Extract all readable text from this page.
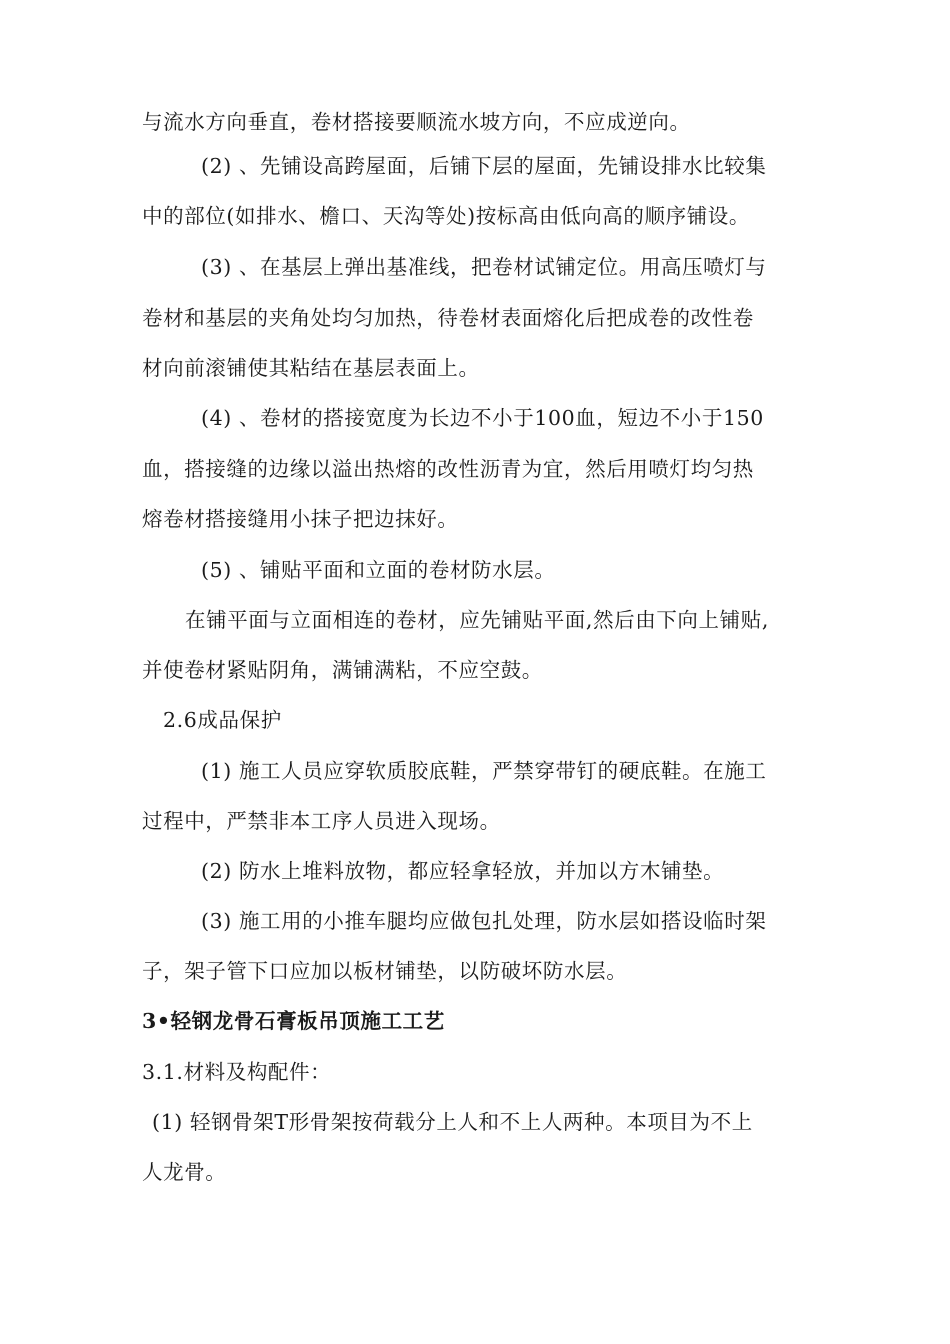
与流水方向垂直，卷材搭接要顺流水坡方向，不应成逆向。
(2) 、先铺设高跨屋面，后铺下层的屋面，先铺设排水比较集
中的部位(如排水、檐口、天沟等处)按标高由低向高的顺序铺设。
(3) 、在基层上弹出基准线，把卷材试铺定位。用高压喷灯与
卷材和基层的夹角处均匀加热，待卷材表面熔化后把成卷的改性卷
材向前滚铺使其粘结在基层表面上。
(4) 、卷材的搭接宽度为长边不小于100血，短边不小于150
血，搭接缝的边缘以溢出热熔的改性沥青为宜，然后用喷灯均匀热
熔卷材搭接缝用小抹子把边抹好。
(5) 、铺贴平面和立面的卷材防水层。
在铺平面与立面相连的卷材，应先铺贴平面,然后由下向上铺贴,
并使卷材紧贴阴角，满铺满粘，不应空鼓。
2.6成品保护
(1) 施工人员应穿软质胶底鞋，严禁穿带钉的硬底鞋。在施工
过程中，严禁非本工序人员进入现场。
(2) 防水上堆料放物，都应轻拿轻放，并加以方木铺垫。
(3) 施工用的小推车腿均应做包扎处理，防水层如搭设临时架
子，架子管下口应加以板材铺垫，以防破坏防水层。
3•轻钢龙骨石膏板吊顶施工工艺
3.1.材料及构配件：
(1) 轻钢骨架T形骨架按荷载分上人和不上人两种。本项目为不上
人龙骨。
